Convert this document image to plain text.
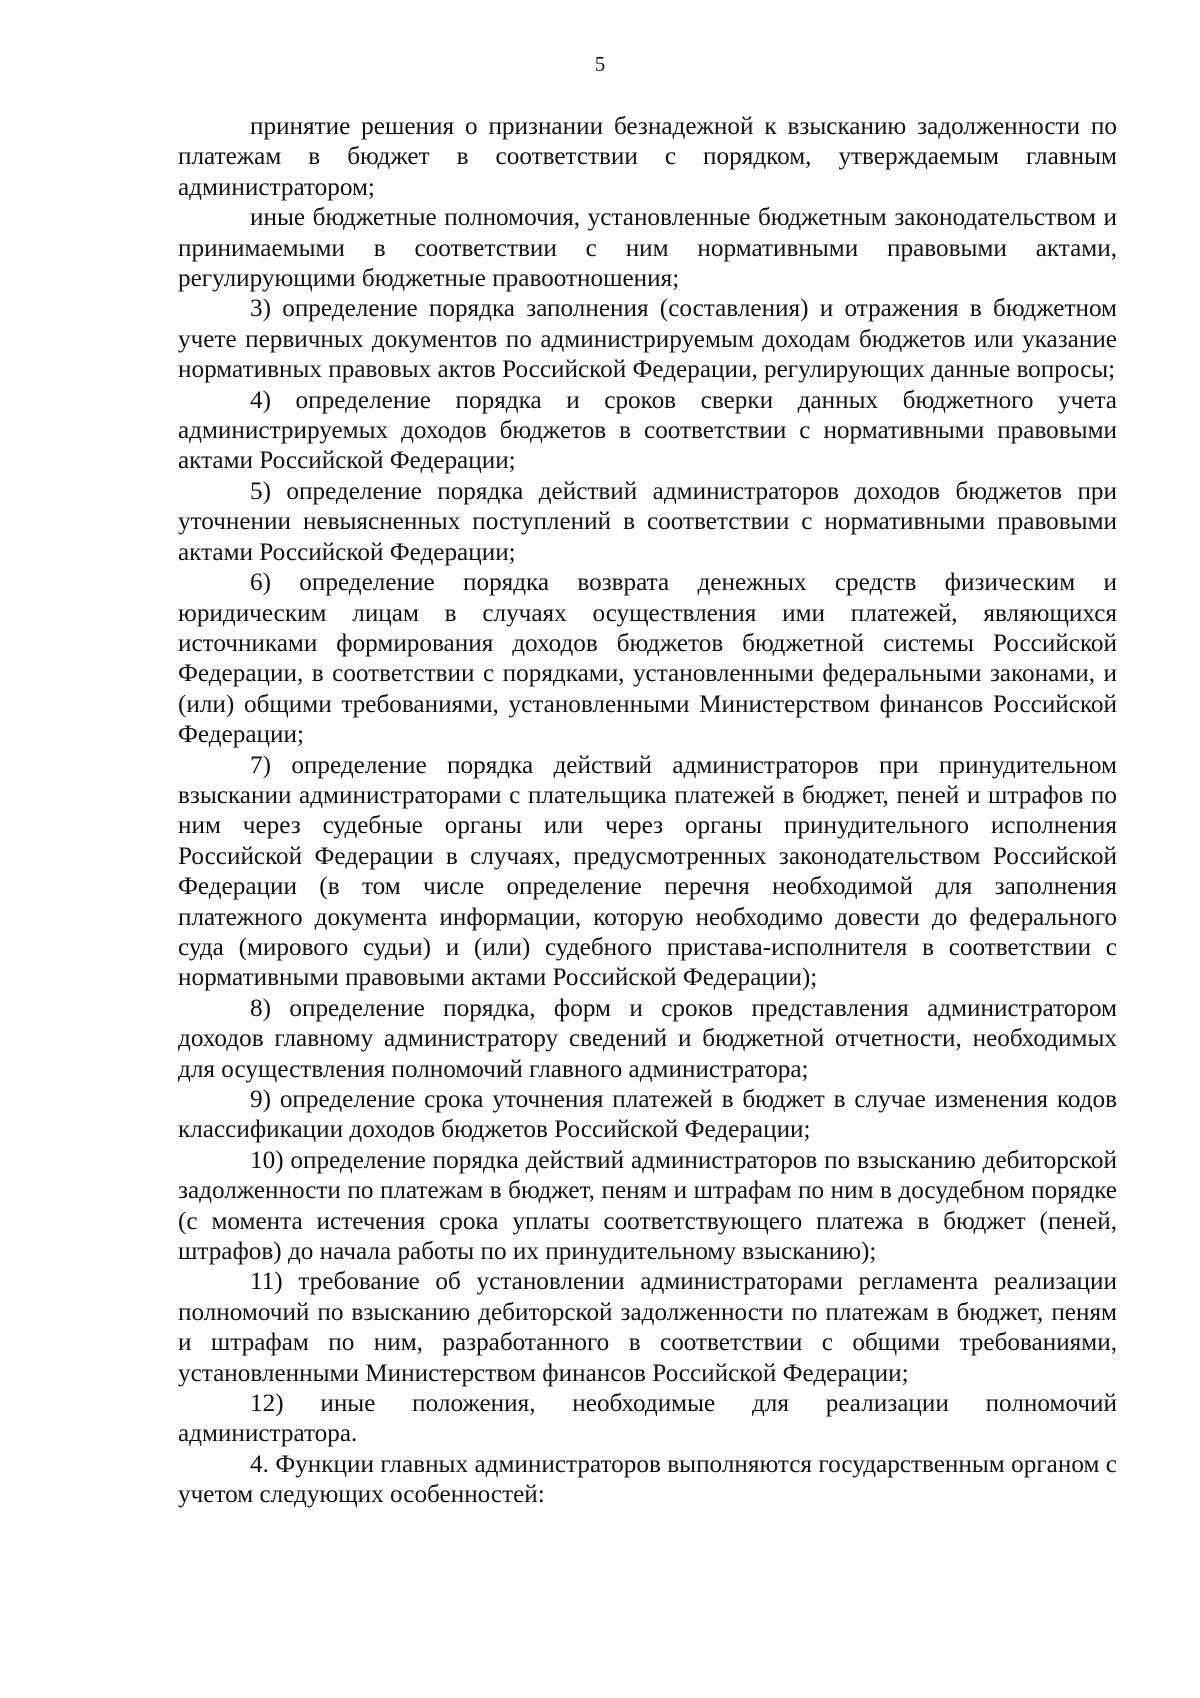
5

принятие решения о признании безнадежной к взысканию задолженности по платежам в бюджет в соответствии с порядком, утверждаемым главным администратором;

иные бюджетные полномочия, установленные бюджетным законодательством и принимаемыми в соответствии с ним нормативными правовыми актами, регулирующими бюджетные правоотношения;

3) определение порядка заполнения (составления) и отражения в бюджетном учете первичных документов по администрируемым доходам бюджетов или указание нормативных правовых актов Российской Федерации, регулирующих данные вопросы;

4) определение порядка и сроков сверки данных бюджетного учета администрируемых доходов бюджетов в соответствии с нормативными правовыми актами Российской Федерации;

5) определение порядка действий администраторов доходов бюджетов при уточнении невыясненных поступлений в соответствии с нормативными правовыми актами Российской Федерации;

6) определение порядка возврата денежных средств физическим и юридическим лицам в случаях осуществления ими платежей, являющихся источниками формирования доходов бюджетов бюджетной системы Российской Федерации, в соответствии с порядками, установленными федеральными законами, и (или) общими требованиями, установленными Министерством финансов Российской Федерации;

7) определение порядка действий администраторов при принудительном взыскании администраторами с плательщика платежей в бюджет, пеней и штрафов по ним через судебные органы или через органы принудительного исполнения Российской Федерации в случаях, предусмотренных законодательством Российской Федерации (в том числе определение перечня необходимой для заполнения платежного документа информации, которую необходимо довести до федерального суда (мирового судьи) и (или) судебного пристава-исполнителя в соответствии с нормативными правовыми актами Российской Федерации);

8) определение порядка, форм и сроков представления администратором доходов главному администратору сведений и бюджетной отчетности, необходимых для осуществления полномочий главного администратора;

9) определение срока уточнения платежей в бюджет в случае изменения кодов классификации доходов бюджетов Российской Федерации;

10) определение порядка действий администраторов по взысканию дебиторской задолженности по платежам в бюджет, пеням и штрафам по ним в досудебном порядке (с момента истечения срока уплаты соответствующего платежа в бюджет (пеней, штрафов) до начала работы по их принудительному взысканию);

11) требование об установлении администраторами регламента реализации полномочий по взысканию дебиторской задолженности по платежам в бюджет, пеням и штрафам по ним, разработанного в соответствии с общими требованиями, установленными Министерством финансов Российской Федерации;

12) иные положения, необходимые для реализации полномочий администратора.

4. Функции главных администраторов выполняются государственным органом с учетом следующих особенностей:
